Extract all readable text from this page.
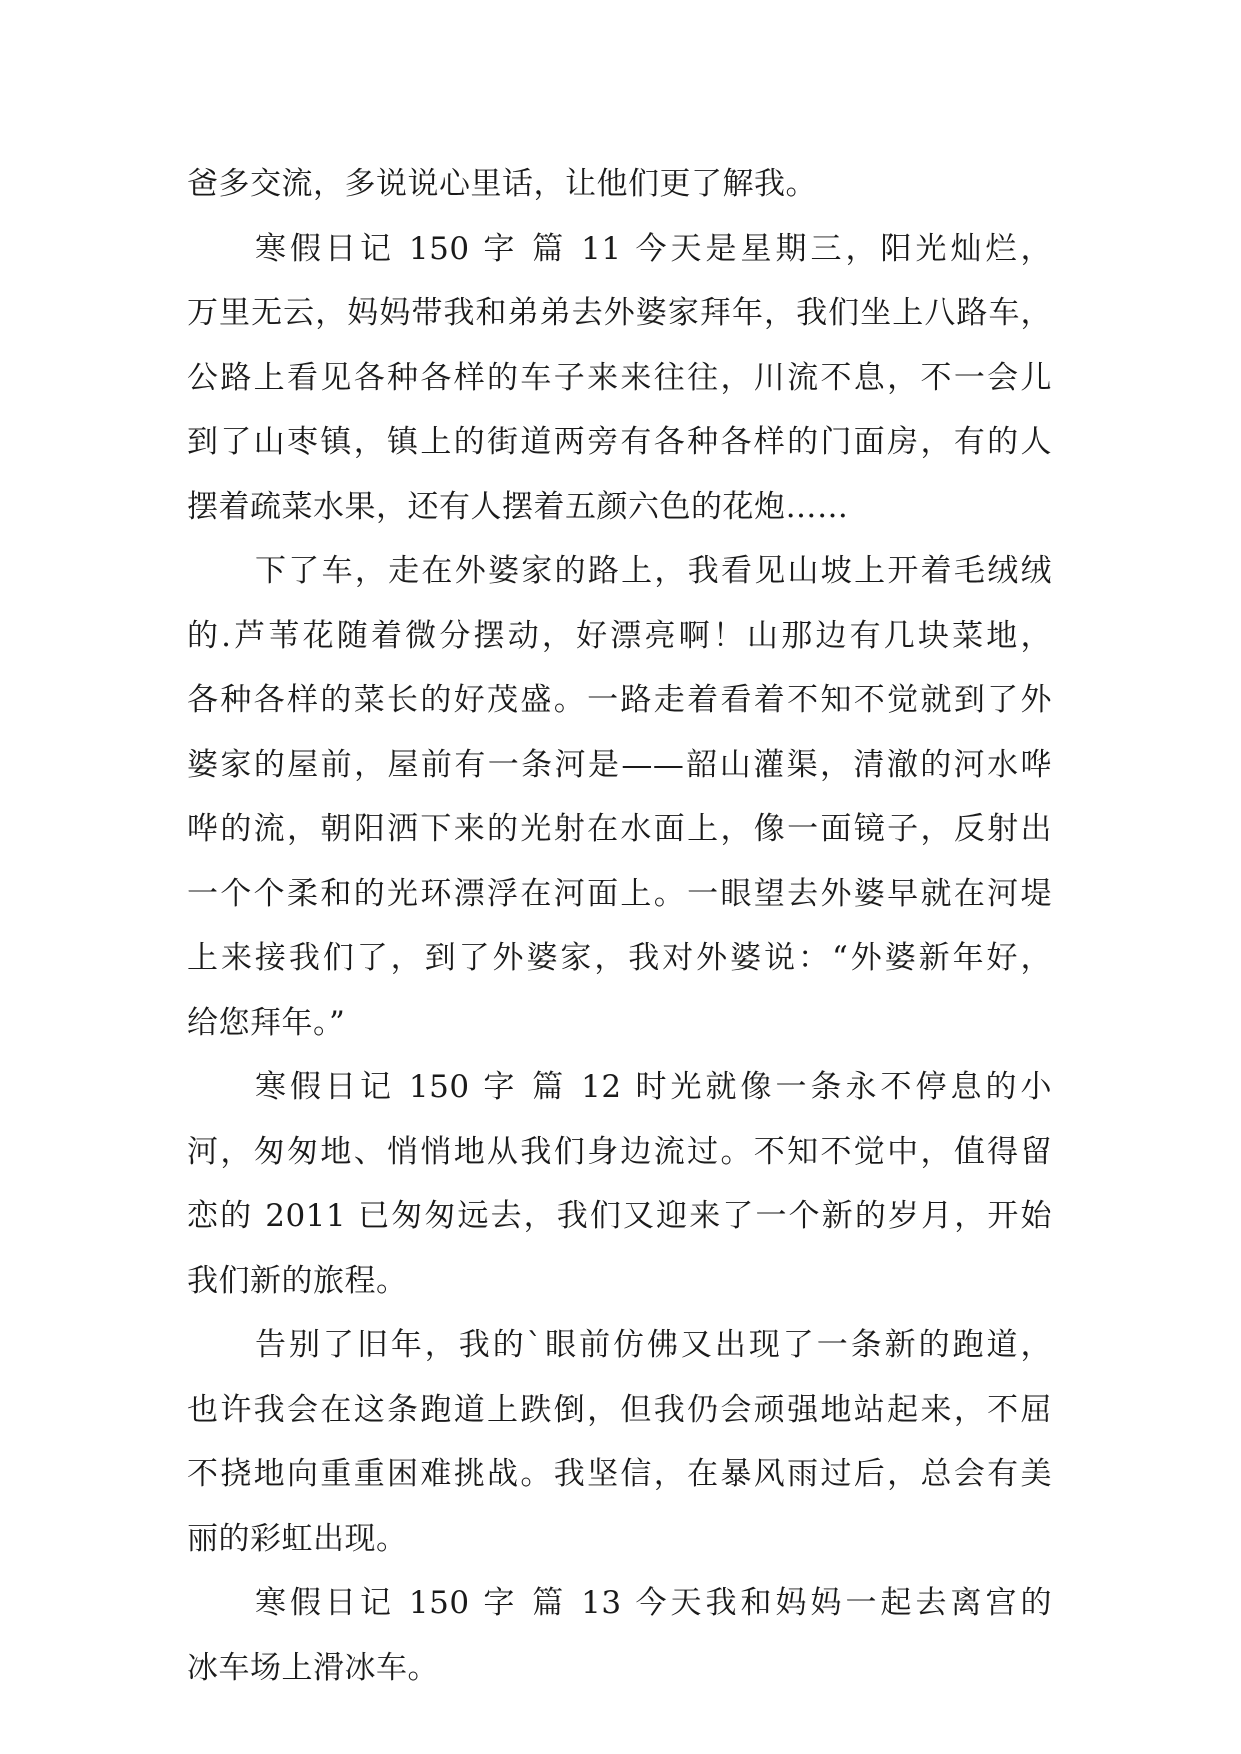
爸多交流，多说说心里话，让他们更了解我。
寒假日记 150 字 篇 11 今天是星期三，阳光灿烂，
万里无云，妈妈带我和弟弟去外婆家拜年，我们坐上八路车，
公路上看见各种各样的车子来来往往，川流不息，不一会儿
到了山枣镇，镇上的街道两旁有各种各样的门面房，有的人
摆着疏菜水果，还有人摆着五颜六色的花炮……
下了车，走在外婆家的路上，我看见山坡上开着毛绒绒
的.芦苇花随着微分摆动，好漂亮啊！山那边有几块菜地，
各种各样的菜长的好茂盛。一路走着看着不知不觉就到了外
婆家的屋前，屋前有一条河是——韶山灌渠，清澈的河水哗
哗的流，朝阳洒下来的光射在水面上，像一面镜子，反射出
一个个柔和的光环漂浮在河面上。一眼望去外婆早就在河堤
上来接我们了，到了外婆家，我对外婆说：“外婆新年好，
给您拜年。”
寒假日记 150 字 篇 12 时光就像一条永不停息的小
河，匆匆地、悄悄地从我们身边流过。不知不觉中，值得留
恋的 2011 已匆匆远去，我们又迎来了一个新的岁月，开始
我们新的旅程。
告别了旧年，我的`眼前仿佛又出现了一条新的跑道，
也许我会在这条跑道上跌倒，但我仍会顽强地站起来，不屈
不挠地向重重困难挑战。我坚信，在暴风雨过后，总会有美
丽的彩虹出现。
寒假日记 150 字 篇 13 今天我和妈妈一起去离宫的
冰车场上滑冰车。
